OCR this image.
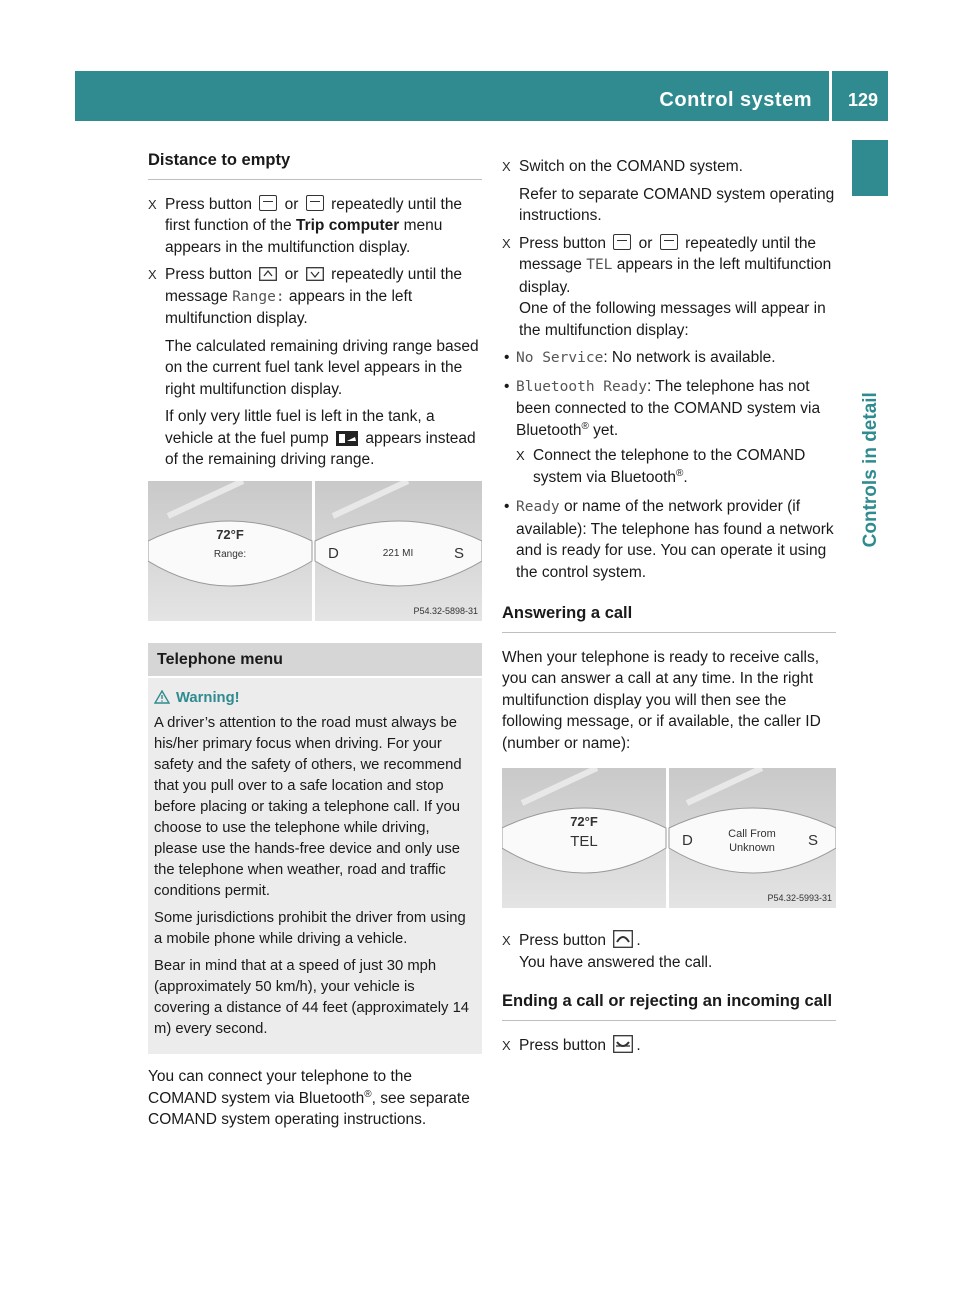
Control system 129
Controls in detail
Distance to empty
X Press button or repeatedly until the first function of the Trip computer menu appears in the multifunction display.
X Press button or repeatedly until the message Range: appears in the left multifunction display.
The calculated remaining driving range based on the current fuel tank level appears in the right multifunction display.
If only very little fuel is left in the tank, a vehicle at the fuel pump appears instead of the remaining driving range.
72°F
Range:	D	221 MI	S
P54.32-5898-31
Telephone menu
Warning!

A driver’s attention to the road must always be his/her primary focus when driving. For your safety and the safety of others, we recommend that you pull over to a safe location and stop before placing or taking a telephone call. If you choose to use the telephone while driving, please use the hands-free device and only use the telephone when weather, road and traffic conditions permit.

Some jurisdictions prohibit the driver from using a mobile phone while driving a vehicle.

Bear in mind that at a speed of just 30 mph (approximately 50 km/h), your vehicle is covering a distance of 44 feet (approximately 14 m) every second.

You can connect your telephone to the COMAND system via Bluetooth®, see separate COMAND system operating instructions.

X Switch on the COMAND system.
Refer to separate COMAND system operating instructions.
X Press button or repeatedly until the message TEL appears in the left multifunction display.
One of the following messages will appear in the multifunction display:
• No Service: No network is available.
• Bluetooth Ready: The telephone has not been connected to the COMAND system via Bluetooth® yet.
X Connect the telephone to the COMAND system via Bluetooth®.
• Ready or name of the network provider (if available): The telephone has found a network and is ready for use. You can operate it using the control system.
Answering a call

When your telephone is ready to receive calls, you can answer a call at any time. In the right multifunction display you will then see the following message, or if available, the caller ID (number or name):

72°F
TEL	D	Call From
Unknown S
P54.32-5993-31
X Press button .
You have answered the call.
Ending a call or rejecting an incoming call
X Press button .
